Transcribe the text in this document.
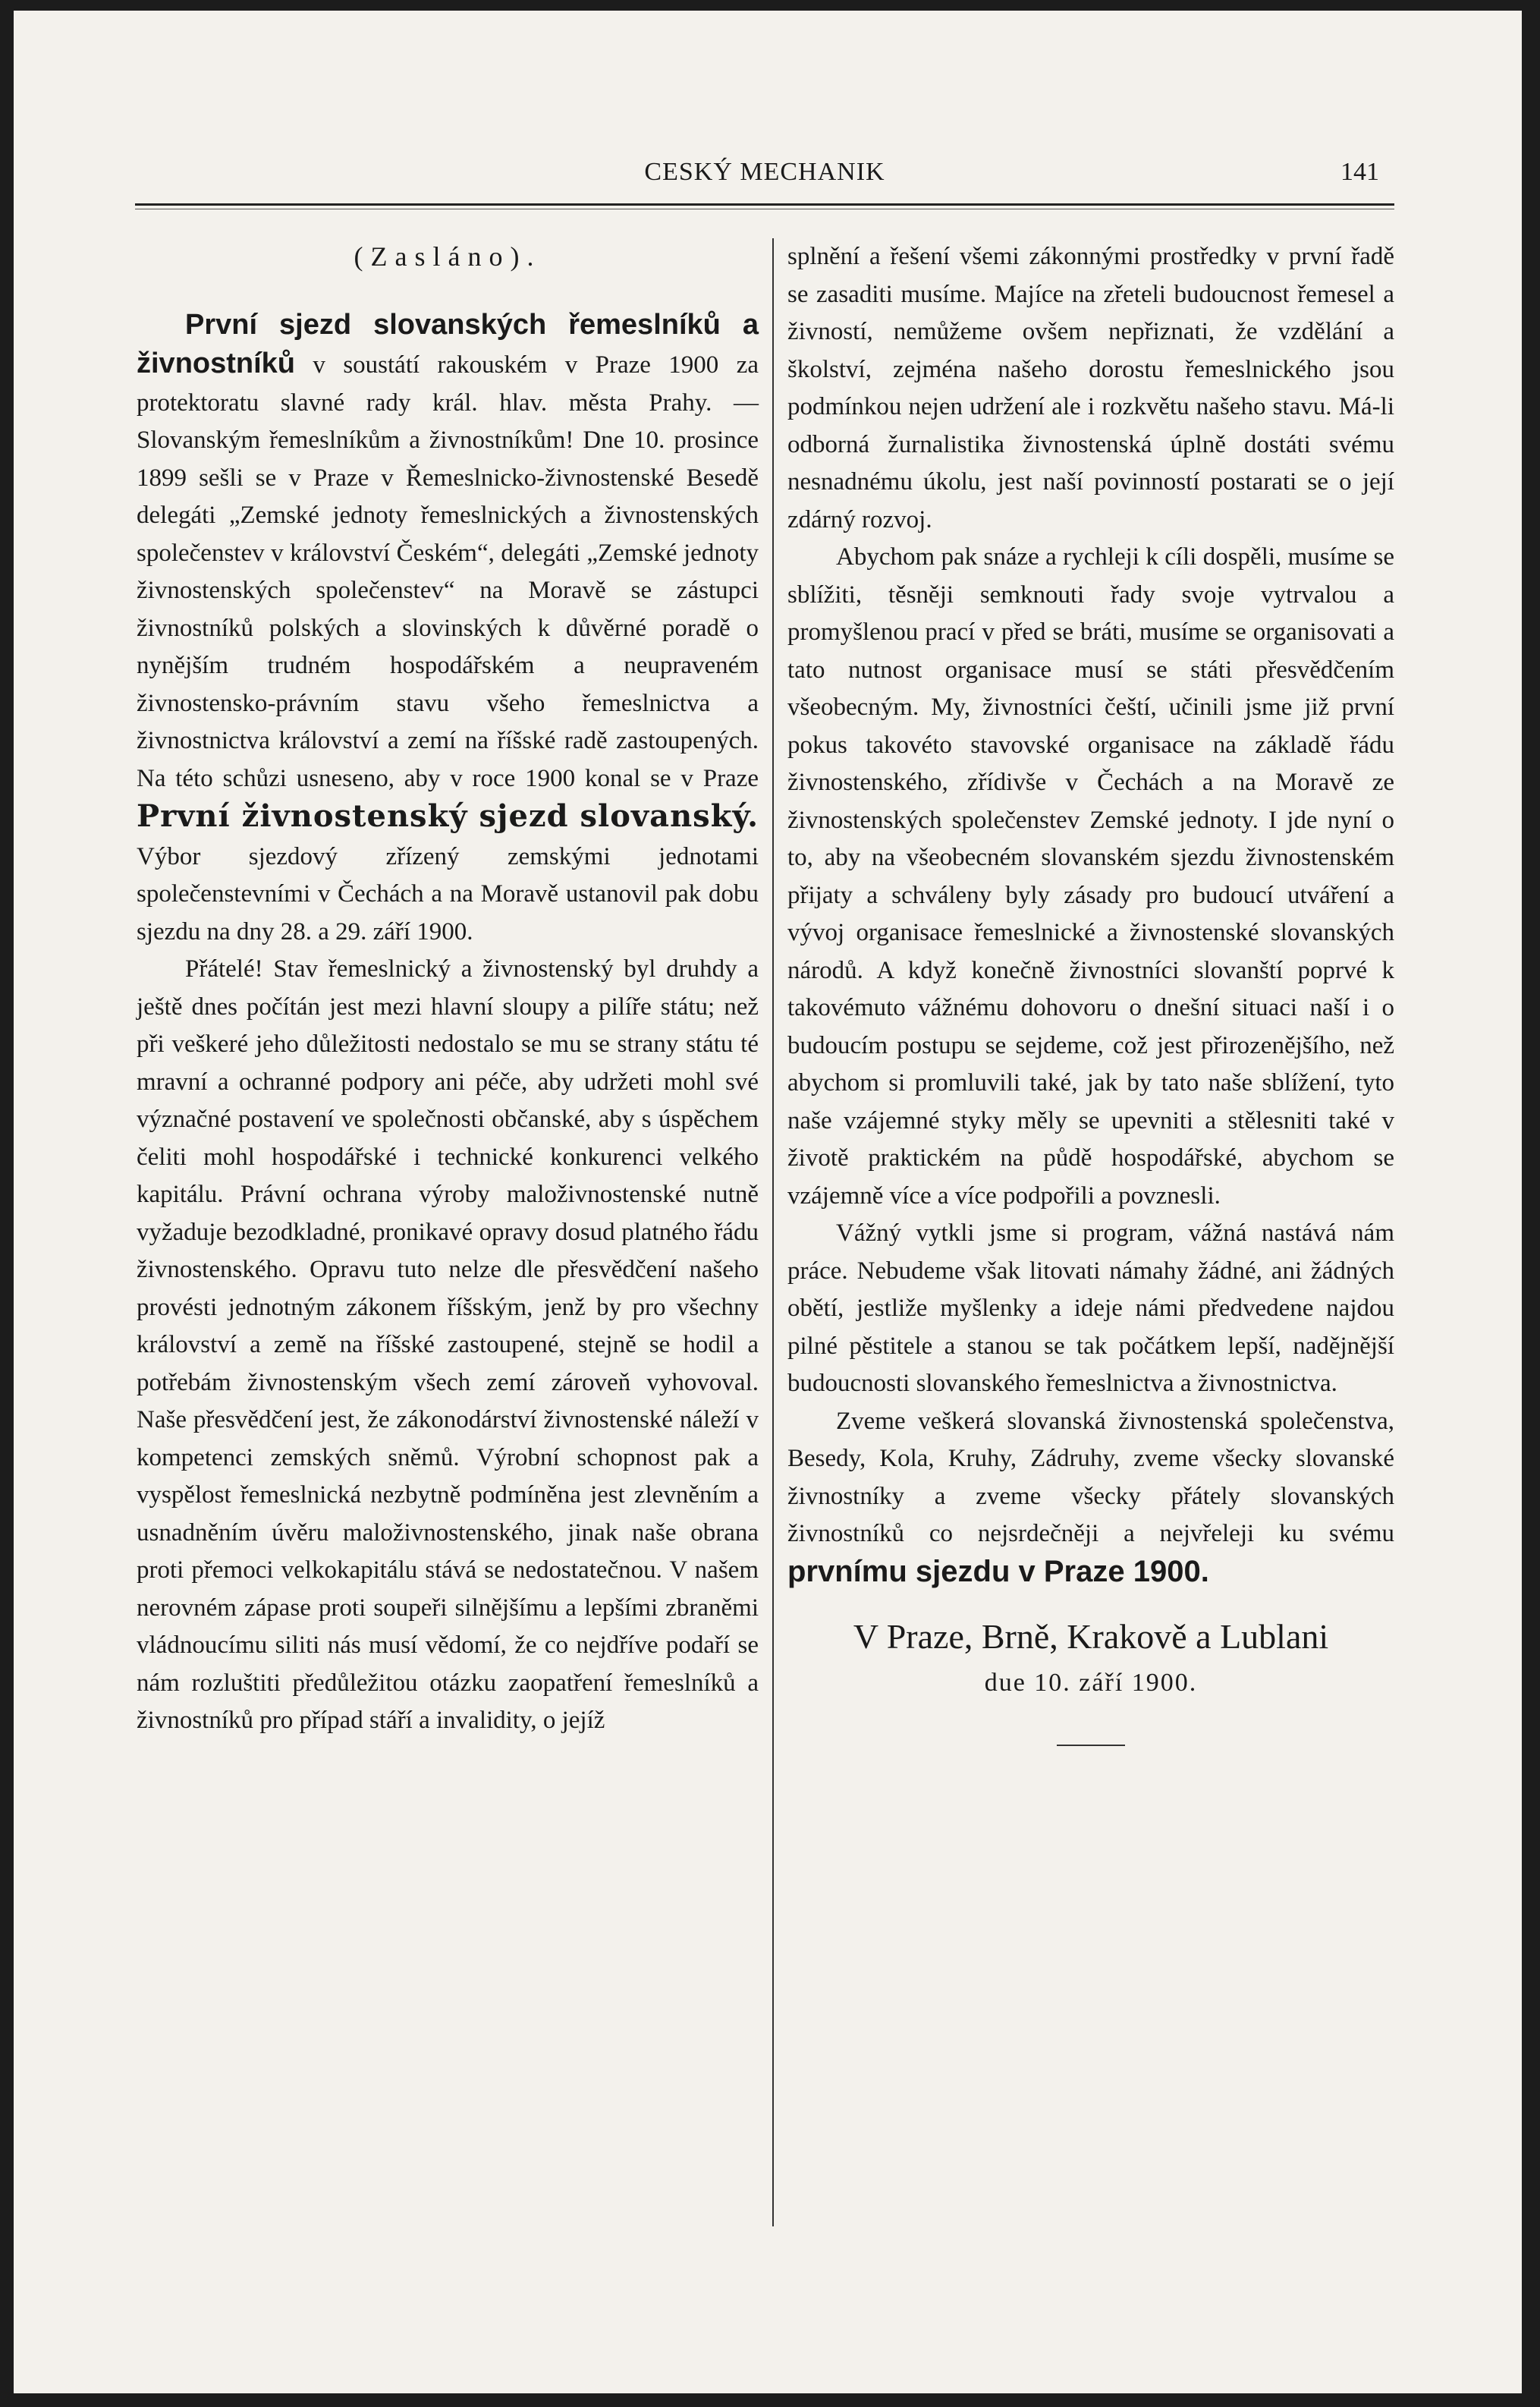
CESKÝ MECHANIK	141
(Zasláno).

První sjezd slovanských řemeslníků a živnostníků v soustátí rakouském v Praze 1900 za protektoratu slavné rady král. hlav. města Prahy. — Slovanským řemeslníkům a živnostníkům! Dne 10. prosince 1899 sešli se v Praze v Řemeslnicko-živnostenské Besedě delegáti „Zemské jednoty řemeslnických a živnostenských společenstev v království Českém“, delegáti „Zemské jednoty živnostenských společenstev“ na Moravě se zástupci živnostníků polských a slovinských k důvěrné poradě o nynějším trudném hospodářském a neupraveném živnostensko-právním stavu všeho řemeslnictva a živnostnictva království a zemí na říšské radě zastoupených. Na této schůzi usneseno, aby v roce 1900 konal se v Praze První živnostenský sjezd slovanský. Výbor sjezdový zřízený zemskými jednotami společenstevními v Čechách a na Moravě ustanovil pak dobu sjezdu na dny 28. a 29. září 1900.

Přátelé! Stav řemeslnický a živnostenský byl druhdy a ještě dnes počítán jest mezi hlavní sloupy a pilíře státu; než při veškeré jeho důležitosti nedostalo se mu se strany státu té mravní a ochranné podpory ani péče, aby udržeti mohl své význačné postavení ve společnosti občanské, aby s úspěchem čeliti mohl hospodářské i technické konkurenci velkého kapitálu. Právní ochrana výroby maloživnostenské nutně vyžaduje bezodkladné, pronikavé opravy dosud platného řádu živnostenského. Opravu tuto nelze dle přesvědčení našeho provésti jednotným zákonem říšským, jenž by pro všechny království a země na říšské zastoupené, stejně se hodil a potřebám živnostenským všech zemí zároveň vyhovoval. Naše přesvědčení jest, že zákonodárství živnostenské náleží v kompetenci zemských sněmů. Výrobní schopnost pak a vyspělost řemeslnická nezbytně podmíněna jest zlevněním a usnadněním úvěru maloživnostenského, jinak naše obrana proti přemoci velkokapitálu stává se nedostatečnou. V našem nerovném zápase proti soupeři silnějšímu a lepšími zbraněmi vládnoucímu siliti nás musí vědomí, že co nejdříve podaří se nám rozluštiti předůležitou otázku zaopatření řemeslníků a živnostníků pro případ stáří a invalidity, o jejíž

splnění a řešení všemi zákonnými prostředky v první řadě se zasaditi musíme. Majíce na zřeteli budoucnost řemesel a živností, nemůžeme ovšem nepřiznati, že vzdělání a školství, zejména našeho dorostu řemeslnického jsou podmínkou nejen udržení ale i rozkvětu našeho stavu. Má-li odborná žurnalistika živnostenská úplně dostáti svému nesnadnému úkolu, jest naší povinností postarati se o její zdárný rozvoj.

Abychom pak snáze a rychleji k cíli dospěli, musíme se sblížiti, těsněji semknouti řady svoje vytrvalou a promyšlenou prací v před se bráti, musíme se organisovati a tato nutnost organisace musí se státi přesvědčením všeobecným. My, živnostníci čeští, učinili jsme již první pokus takovéto stavovské organisace na základě řádu živnostenského, zřídivše v Čechách a na Moravě ze živnostenských společenstev Zemské jednoty. I jde nyní o to, aby na všeobecném slovanském sjezdu živnostenském přijaty a schváleny byly zásady pro budoucí utváření a vývoj organisace řemeslnické a živnostenské slovanských národů. A když konečně živnostníci slovanští poprvé k takovémuto vážnému dohovoru o dnešní situaci naší i o budoucím postupu se sejdeme, což jest přirozenějšího, než abychom si promluvili také, jak by tato naše sblížení, tyto naše vzájemné styky měly se upevniti a stělesniti také v životě praktickém na půdě hospodářské, abychom se vzájemně více a více podpořili a povznesli.

Vážný vytkli jsme si program, vážná nastává nám práce. Nebudeme však litovati námahy žádné, ani žádných obětí, jestliže myšlenky a ideje námi předvedene najdou pilné pěstitele a stanou se tak počátkem lepší, nadějnější budoucnosti slovanského řemeslnictva a živnostnictva.

Zveme veškerá slovanská živnostenská společenstva, Besedy, Kola, Kruhy, Zádruhy, zveme všecky slovanské živnostníky a zveme všecky přátely slovanských živnostníků co nejsrdečněji a nejvřeleji ku svému prvnímu sjezdu v Praze 1900.

V Praze, Brně, Krakově a Lublani
due 10. září 1900.
